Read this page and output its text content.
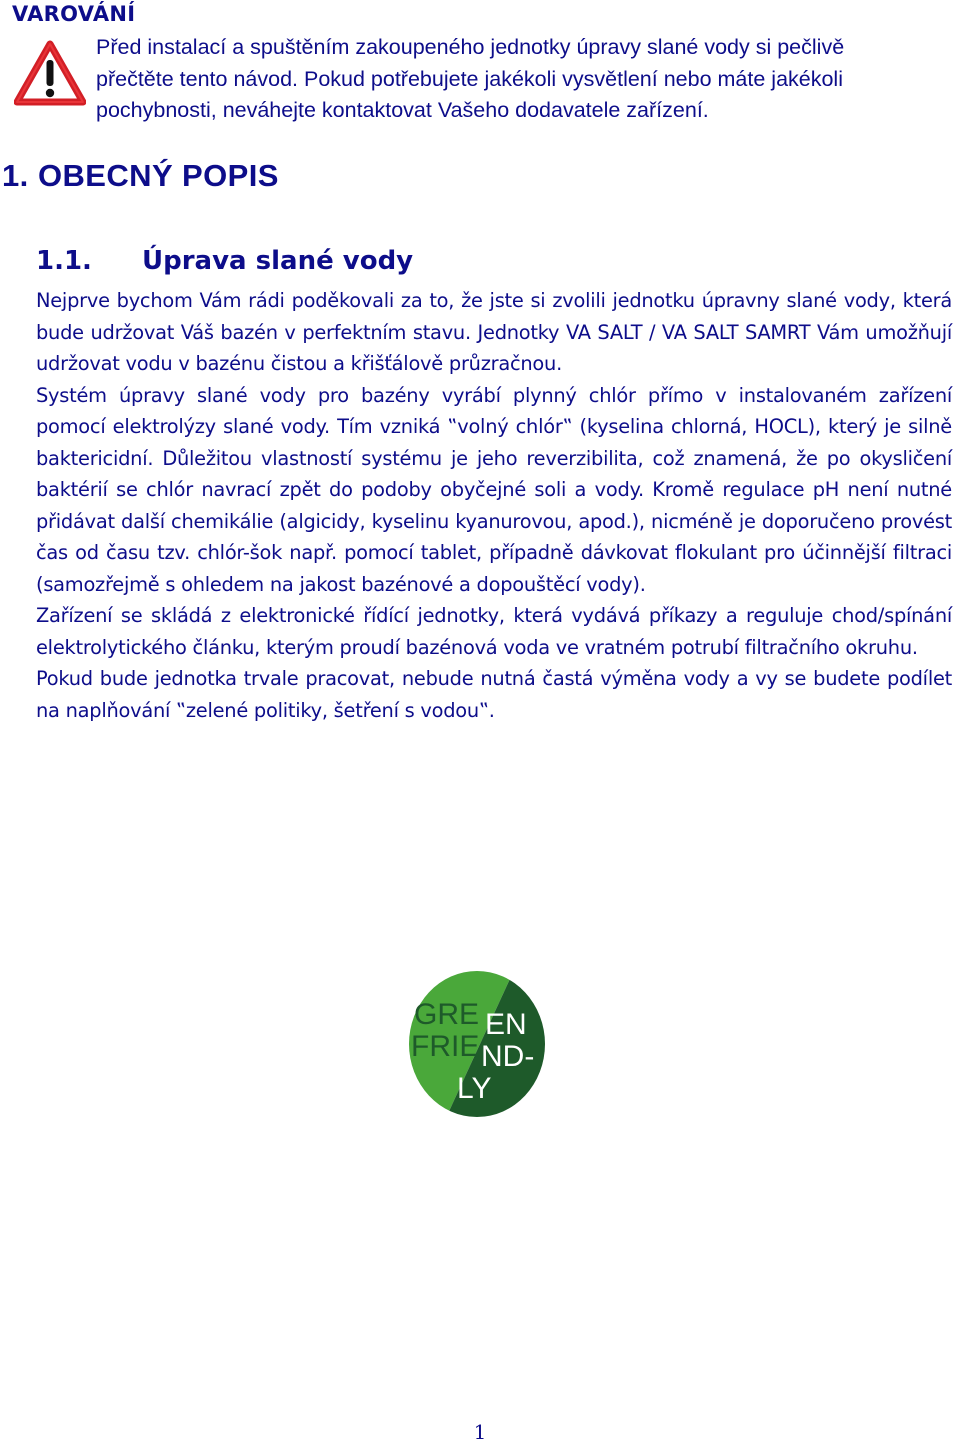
VAROVÁNÍ
Před instalací a spuštěním zakoupeného jednotky úpravy slané vody si pečlivě
přečtěte tento návod. Pokud potřebujete jakékoli vysvětlení nebo máte jakékoli
pochybnosti, neváhejte kontaktovat Vašeho dodavatele zařízení.
1. OBECNÝ POPIS
1.1. Úprava slané vody

Nejprve bychom Vám rádi poděkovali za to, že jste si zvolili jednotku úpravny slané vody, která bude udržovat Váš bazén v perfektním stavu. Jednotky VA SALT / VA SALT SAMRT Vám umožňují udržovat vodu v bazénu čistou a křišťálově průzračnou.

Systém úpravy slané vody pro bazény vyrábí plynný chlór přímo v instalovaném zařízení pomocí elektrolýzy slané vody. Tím vzniká ‟volný chlór‟ (kyselina chlorná, HOCL), který je silně baktericidní. Důležitou vlastností systému je jeho reverzibilita, což znamená, že po okysličení baktérií se chlór navrací zpět do podoby obyčejné soli a vody. Kromě regulace pH není nutné přidávat další chemikálie (algicidy, kyselinu kyanurovou, apod.), nicméně je doporučeno provést čas od času tzv. chlór-šok např. pomocí tablet, případně dávkovat flokulant pro účinnější filtraci (samozřejmě s ohledem na jakost bazénové a dopouštěcí vody).

Zařízení se skládá z elektronické řídící jednotky, která vydává příkazy a reguluje chod/spínání elektrolytického článku, kterým proudí bazénová voda ve vratném potrubí filtračního okruhu.

Pokud bude jednotka trvale pracovat, nebude nutná častá výměna vody a vy se budete podílet na naplňování ‟zelené politiky, šetření s vodou‟.

GRE EN
FRIE ND-
LY
1
